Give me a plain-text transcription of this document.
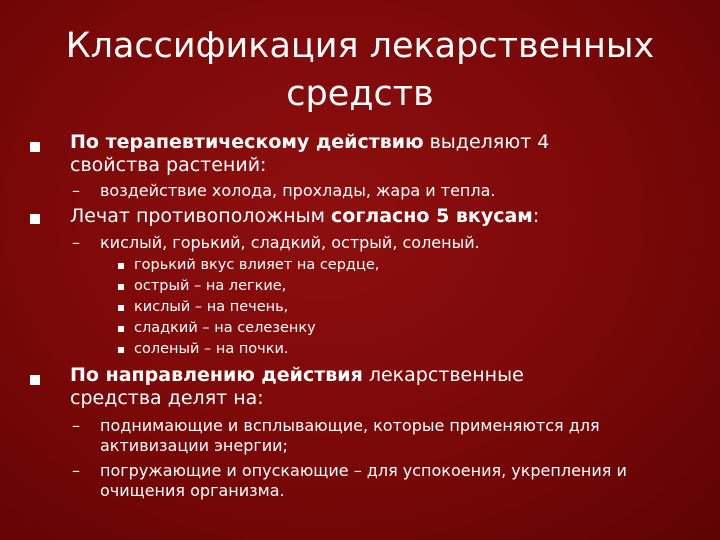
Классификация лекарственных
средств
По терапевтическому действию выделяют 4
свойства растений:
– воздействие холода, прохлады, жара и тепла.
Лечат противоположным согласно 5 вкусам:
– кислый, горький, сладкий, острый, соленый.
горький вкус влияет на сердце,
острый – на легкие,
кислый – на печень,
сладкий – на селезенку
соленый – на почки.
По направлению действия лекарственные
средства делят на:
– поднимающие и всплывающие, которые применяются для
активизации энергии;
– погружающие и опускающие – для успокоения, укрепления и
очищения организма.
